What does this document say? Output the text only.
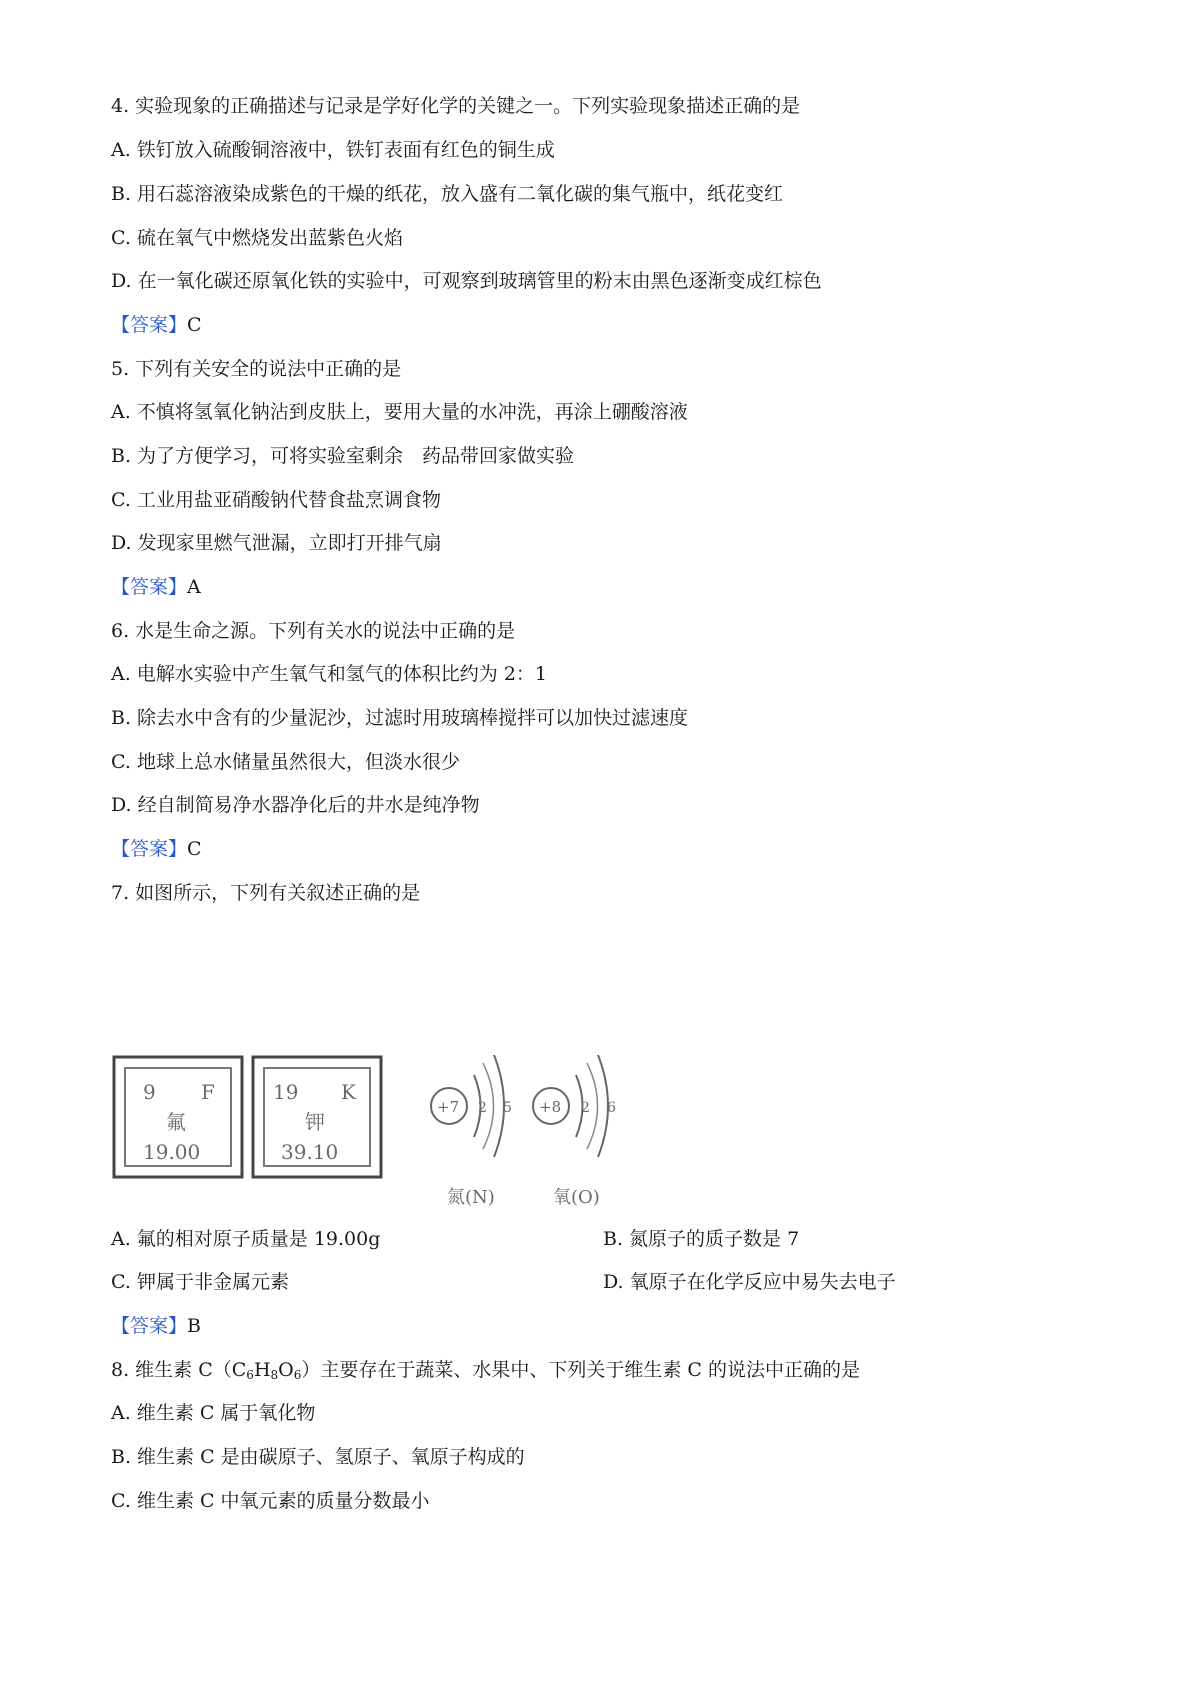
4. 实验现象的正确描述与记录是学好化学的关键之一。下列实验现象描述正确的是
A. 铁钉放入硫酸铜溶液中，铁钉表面有红色的铜生成
B. 用石蕊溶液染成紫色的干燥的纸花，放入盛有二氧化碳的集气瓶中，纸花变红
C. 硫在氧气中燃烧发出蓝紫色火焰
D. 在一氧化碳还原氧化铁的实验中，可观察到玻璃管里的粉末由黑色逐渐变成红棕色
【答案】C
5. 下列有关安全的说法中正确的是
A. 不慎将氢氧化钠沾到皮肤上，要用大量的水冲洗，再涂上硼酸溶液
B. 为了方便学习，可将实验室剩余　药品带回家做实验
C. 工业用盐亚硝酸钠代替食盐烹调食物
D. 发现家里燃气泄漏，立即打开排气扇
【答案】A
6. 水是生命之源。下列有关水的说法中正确的是
A. 电解水实验中产生氧气和氢气的体积比约为 2：1
B. 除去水中含有的少量泥沙，过滤时用玻璃棒搅拌可以加快过滤速度
C. 地球上总水储量虽然很大，但淡水很少
D. 经自制简易净水器净化后的井水是纯净物
【答案】C
7. 如图所示，下列有关叙述正确的是
9 F
氟
19.00
19 K
钾
39.10
+7 2 5
氮(N)
+8 2 6
氧(O)
A. 氟的相对原子质量是 19.00g	B. 氮原子的质子数是 7
C. 钾属于非金属元素	D. 氧原子在化学反应中易失去电子
【答案】B
8. 维生素 $C(C_6H_8O_6)$主要存在于蔬菜、水果中、下列关于维生素 C 的说法中正确的是
A. 维生素 C 属于氧化物
B. 维生素 C 是由碳原子、氢原子、氧原子构成的
C. 维生素 C 中氧元素的质量分数最小
